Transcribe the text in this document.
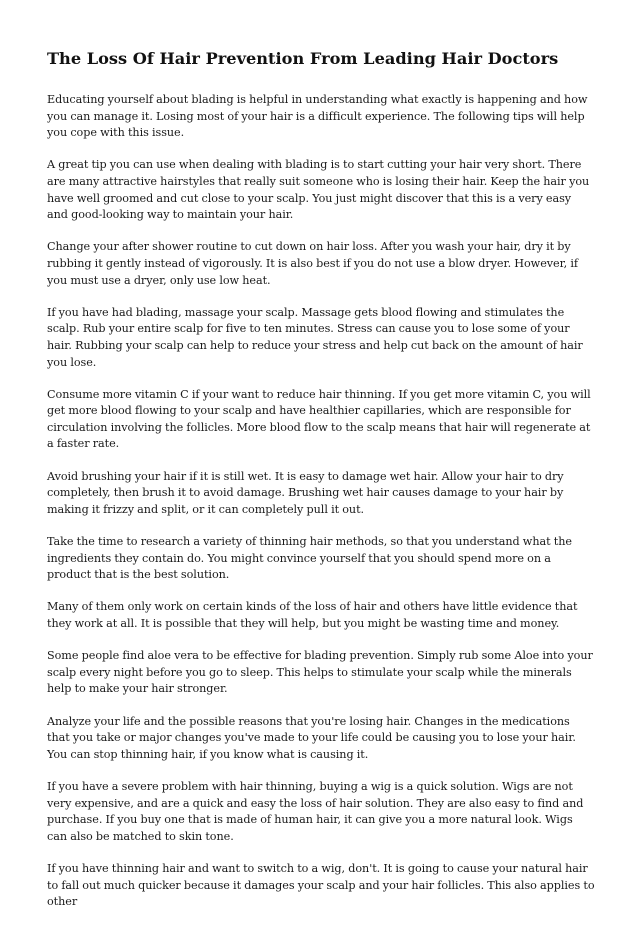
The Loss Of Hair Prevention From Leading Hair Doctors

Educating yourself about blading is helpful in understanding what exactly is happening and how you can manage it. Losing most of your hair is a difficult experience. The following tips will help you cope with this issue.

A great tip you can use when dealing with blading is to start cutting your hair very short. There are many attractive hairstyles that really suit someone who is losing their hair. Keep the hair you have well groomed and cut close to your scalp. You just might discover that this is a very easy and good-looking way to maintain your hair.

Change your after shower routine to cut down on hair loss. After you wash your hair, dry it by rubbing it gently instead of vigorously. It is also best if you do not use a blow dryer. However, if you must use a dryer, only use low heat.

If you have had blading, massage your scalp. Massage gets blood flowing and stimulates the scalp. Rub your entire scalp for five to ten minutes. Stress can cause you to lose some of your hair. Rubbing your scalp can help to reduce your stress and help cut back on the amount of hair you lose.

Consume more vitamin C if your want to reduce hair thinning. If you get more vitamin C, you will get more blood flowing to your scalp and have healthier capillaries, which are responsible for circulation involving the follicles. More blood flow to the scalp means that hair will regenerate at a faster rate.

Avoid brushing your hair if it is still wet. It is easy to damage wet hair. Allow your hair to dry completely, then brush it to avoid damage. Brushing wet hair causes damage to your hair by making it frizzy and split, or it can completely pull it out.

Take the time to research a variety of thinning hair methods, so that you understand what the ingredients they contain do. You might convince yourself that you should spend more on a product that is the best solution.

Many of them only work on certain kinds of the loss of hair and others have little evidence that they work at all. It is possible that they will help, but you might be wasting time and money.

Some people find aloe vera to be effective for blading prevention. Simply rub some Aloe into your scalp every night before you go to sleep. This helps to stimulate your scalp while the minerals help to make your hair stronger.

Analyze your life and the possible reasons that you're losing hair. Changes in the medications that you take or major changes you've made to your life could be causing you to lose your hair. You can stop thinning hair, if you know what is causing it.

If you have a severe problem with hair thinning, buying a wig is a quick solution. Wigs are not very expensive, and are a quick and easy the loss of hair solution. They are also easy to find and purchase. If you buy one that is made of human hair, it can give you a more natural look. Wigs can also be matched to skin tone.

If you have thinning hair and want to switch to a wig, don't. It is going to cause your natural hair to fall out much quicker because it damages your scalp and your hair follicles. This also applies to other
